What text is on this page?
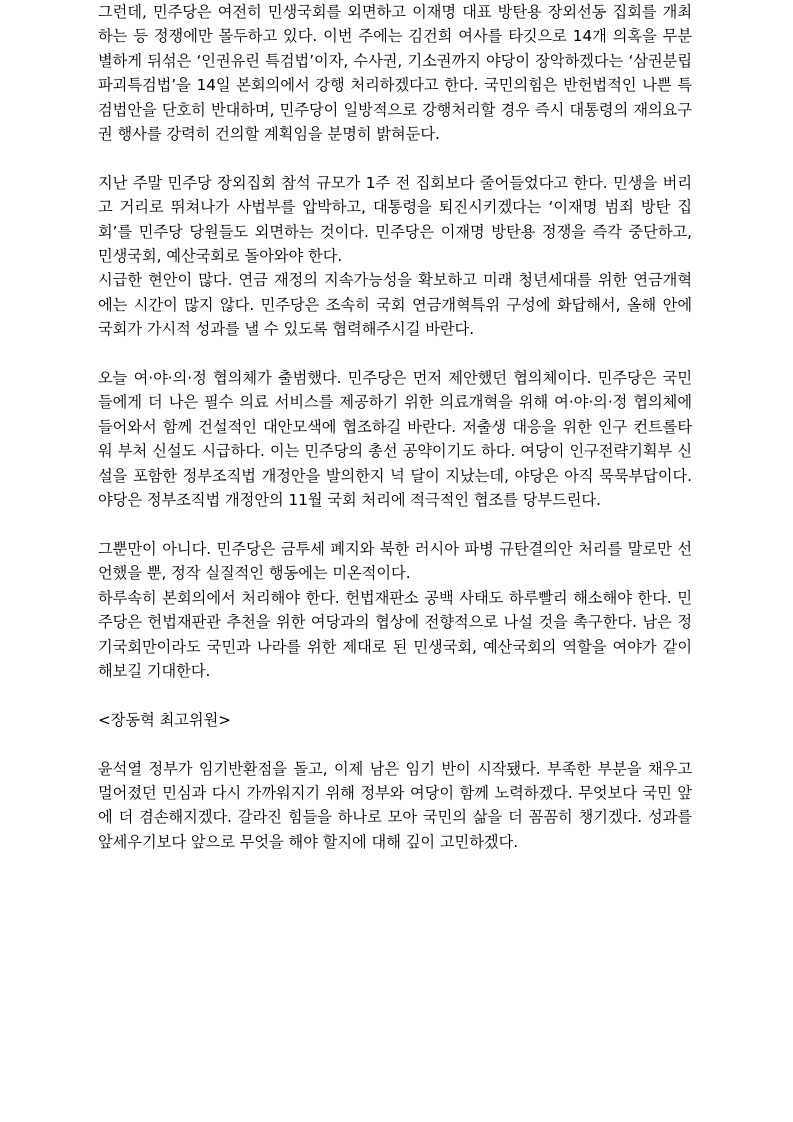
그런데, 민주당은 여전히 민생국회를 외면하고 이재명 대표 방탄용 장외선동 집회를 개최하는 등 정쟁에만 몰두하고 있다. 이번 주에는 김건희 여사를 타깃으로 14개 의혹을 무분별하게 뒤섞은 ‘인권유린 특검법’이자, 수사권, 기소권까지 야당이 장악하겠다는 ‘삼권분립 파괴특검법’을 14일 본회의에서 강행 처리하겠다고 한다. 국민의힘은 반헌법적인 나쁜 특검법안을 단호히 반대하며, 민주당이 일방적으로 강행처리할 경우 즉시 대통령의 재의요구권 행사를 강력히 건의할 계획임을 분명히 밝혀둔다.

지난 주말 민주당 장외집회 참석 규모가 1주 전 집회보다 줄어들었다고 한다. 민생을 버리고 거리로 뛰쳐나가 사법부를 압박하고, 대통령을 퇴진시키겠다는 ‘이재명 범죄 방탄 집회’를 민주당 당원들도 외면하는 것이다. 민주당은 이재명 방탄용 정쟁을 즉각 중단하고, 민생국회, 예산국회로 돌아와야 한다.

시급한 현안이 많다. 연금 재정의 지속가능성을 확보하고 미래 청년세대를 위한 연금개혁에는 시간이 많지 않다. 민주당은 조속히 국회 연금개혁특위 구성에 화답해서, 올해 안에 국회가 가시적 성과를 낼 수 있도록 협력해주시길 바란다.

오늘 여·야·의·정 협의체가 출범했다. 민주당은 먼저 제안했던 협의체이다. 민주당은 국민들에게 더 나은 필수 의료 서비스를 제공하기 위한 의료개혁을 위해 여·야·의·정 협의체에 들어와서 함께 건설적인 대안모색에 협조하길 바란다. 저출생 대응을 위한 인구 컨트롤타워 부처 신설도 시급하다. 이는 민주당의 총선 공약이기도 하다. 여당이 인구전략기획부 신설을 포함한 정부조직법 개정안을 발의한지 넉 달이 지났는데, 야당은 아직 묵묵부답이다. 야당은 정부조직법 개정안의 11월 국회 처리에 적극적인 협조를 당부드린다.

그뿐만이 아니다. 민주당은 금투세 폐지와 북한 러시아 파병 규탄결의안 처리를 말로만 선언했을 뿐, 정작 실질적인 행동에는 미온적이다.

하루속히 본회의에서 처리해야 한다. 헌법재판소 공백 사태도 하루빨리 해소해야 한다. 민주당은 헌법재판관 추천을 위한 여당과의 협상에 전향적으로 나설 것을 촉구한다. 남은 정기국회만이라도 국민과 나라를 위한 제대로 된 민생국회, 예산국회의 역할을 여야가 같이 해보길 기대한다.

<장동혁 최고위원>

윤석열 정부가 임기반환점을 돌고, 이제 남은 임기 반이 시작됐다. 부족한 부분을 채우고 멀어졌던 민심과 다시 가까워지기 위해 정부와 여당이 함께 노력하겠다. 무엇보다 국민 앞에 더 겸손해지겠다. 갈라진 힘들을 하나로 모아 국민의 삶을 더 꼼꼼히 챙기겠다. 성과를 앞세우기보다 앞으로 무엇을 해야 할지에 대해 깊이 고민하겠다.
